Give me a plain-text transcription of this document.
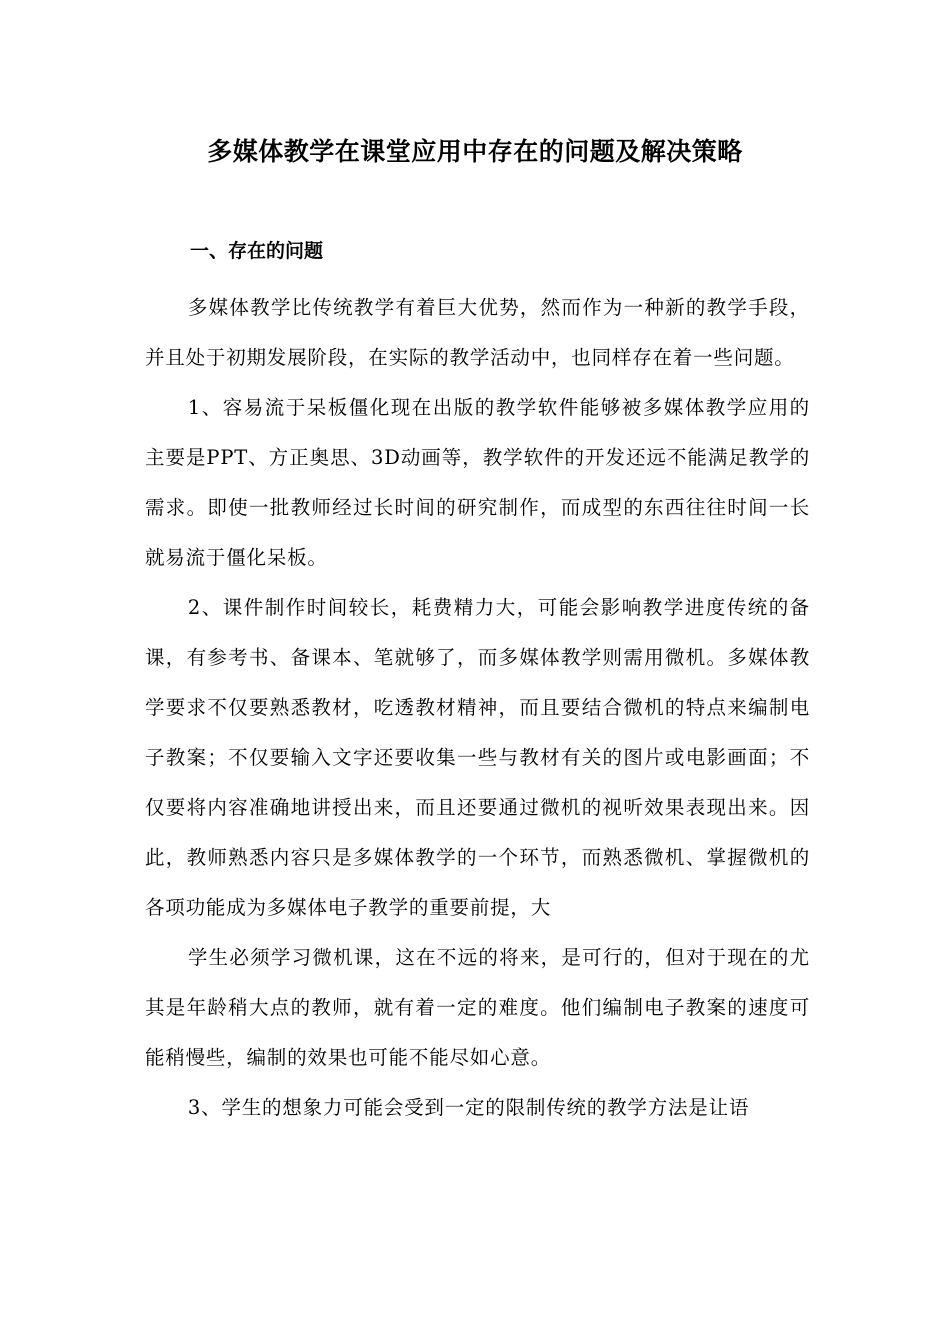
多媒体教学在课堂应用中存在的问题及解决策略
一、存在的问题

多媒体教学比传统教学有着巨大优势，然而作为一种新的教学手段，并且处于初期发展阶段，在实际的教学活动中，也同样存在着一些问题。

1、容易流于呆板僵化现在出版的教学软件能够被多媒体教学应用的主要是PPT、方正奥思、3D动画等，教学软件的开发还远不能满足教学的需求。即使一批教师经过长时间的研究制作，而成型的东西往往时间一长就易流于僵化呆板。

2、课件制作时间较长，耗费精力大，可能会影响教学进度传统的备课，有参考书、备课本、笔就够了，而多媒体教学则需用微机。多媒体教学要求不仅要熟悉教材，吃透教材精神，而且要结合微机的特点来编制电子教案；不仅要输入文字还要收集一些与教材有关的图片或电影画面；不仅要将内容准确地讲授出来，而且还要通过微机的视听效果表现出来。因此，教师熟悉内容只是多媒体教学的一个环节，而熟悉微机、掌握微机的各项功能成为多媒体电子教学的重要前提，大

学生必须学习微机课，这在不远的将来，是可行的，但对于现在的尤其是年龄稍大点的教师，就有着一定的难度。他们编制电子教案的速度可能稍慢些，编制的效果也可能不能尽如心意。

3、学生的想象力可能会受到一定的限制传统的教学方法是让语
